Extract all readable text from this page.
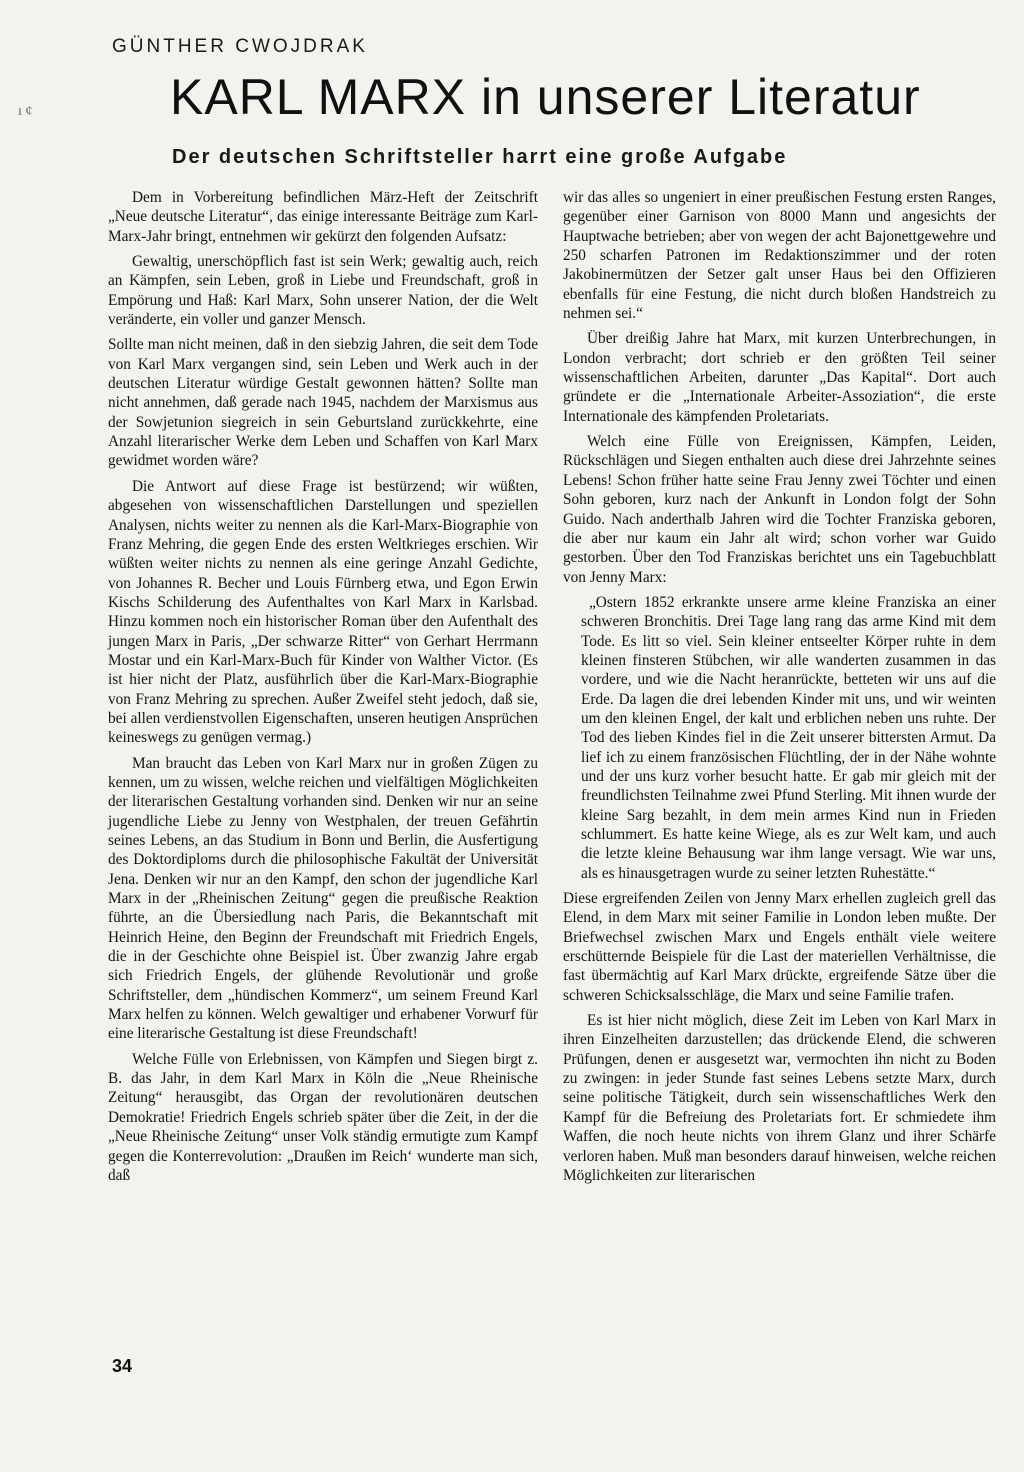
ı ¢
GÜNTHER CWOJDRAK
KARL MARX in unserer Literatur
Der deutschen Schriftsteller harrt eine große Aufgabe

Dem in Vorbereitung befindlichen März-Heft der Zeitschrift „Neue deutsche Literatur“, das einige interessante Beiträge zum Karl-Marx-Jahr bringt, entnehmen wir gekürzt den folgenden Aufsatz:

Gewaltig, unerschöpflich fast ist sein Werk; gewaltig auch, reich an Kämpfen, sein Leben, groß in Liebe und Freundschaft, groß in Empörung und Haß: Karl Marx, Sohn unserer Nation, der die Welt veränderte, ein voller und ganzer Mensch.

Sollte man nicht meinen, daß in den siebzig Jahren, die seit dem Tode von Karl Marx vergangen sind, sein Leben und Werk auch in der deutschen Literatur würdige Gestalt gewonnen hätten? Sollte man nicht annehmen, daß gerade nach 1945, nachdem der Marxismus aus der Sowjetunion siegreich in sein Geburtsland zurückkehrte, eine Anzahl literarischer Werke dem Leben und Schaffen von Karl Marx gewidmet worden wäre?

Die Antwort auf diese Frage ist bestürzend; wir wüßten, abgesehen von wissenschaftlichen Darstellungen und speziellen Analysen, nichts weiter zu nennen als die Karl-Marx-Biographie von Franz Mehring, die gegen Ende des ersten Weltkrieges erschien. Wir wüßten weiter nichts zu nennen als eine geringe Anzahl Gedichte, von Johannes R. Becher und Louis Fürnberg etwa, und Egon Erwin Kischs Schilderung des Aufenthaltes von Karl Marx in Karlsbad. Hinzu kommen noch ein historischer Roman über den Aufenthalt des jungen Marx in Paris, „Der schwarze Ritter“ von Gerhart Herrmann Mostar und ein Karl-Marx-Buch für Kinder von Walther Victor. (Es ist hier nicht der Platz, ausführlich über die Karl-Marx-Biographie von Franz Mehring zu sprechen. Außer Zweifel steht jedoch, daß sie, bei allen verdienstvollen Eigenschaften, unseren heutigen Ansprüchen keineswegs zu genügen vermag.)

Man braucht das Leben von Karl Marx nur in großen Zügen zu kennen, um zu wissen, welche reichen und vielfältigen Möglichkeiten der literarischen Gestaltung vorhanden sind. Denken wir nur an seine jugendliche Liebe zu Jenny von Westphalen, der treuen Gefährtin seines Lebens, an das Studium in Bonn und Berlin, die Ausfertigung des Doktordiploms durch die philosophische Fakultät der Universität Jena. Denken wir nur an den Kampf, den schon der jugendliche Karl Marx in der „Rheinischen Zeitung“ gegen die preußische Reaktion führte, an die Übersiedlung nach Paris, die Bekanntschaft mit Heinrich Heine, den Beginn der Freundschaft mit Friedrich Engels, die in der Geschichte ohne Beispiel ist. Über zwanzig Jahre ergab sich Friedrich Engels, der glühende Revolutionär und große Schriftsteller, dem „hündischen Kommerz“, um seinem Freund Karl Marx helfen zu können. Welch gewaltiger und erhabener Vorwurf für eine literarische Gestaltung ist diese Freundschaft!

Welche Fülle von Erlebnissen, von Kämpfen und Siegen birgt z. B. das Jahr, in dem Karl Marx in Köln die „Neue Rheinische Zeitung“ herausgibt, das Organ der revolutionären deutschen Demokratie! Friedrich Engels schrieb später über die Zeit, in der die „Neue Rheinische Zeitung“ unser Volk ständig ermutigte zum Kampf gegen die Konterrevolution: „Draußen im Reich‘ wunderte man sich, daß

wir das alles so ungeniert in einer preußischen Festung ersten Ranges, gegenüber einer Garnison von 8000 Mann und angesichts der Hauptwache betrieben; aber von wegen der acht Bajonettgewehre und 250 scharfen Patronen im Redaktionszimmer und der roten Jakobinermützen der Setzer galt unser Haus bei den Offizieren ebenfalls für eine Festung, die nicht durch bloßen Handstreich zu nehmen sei.“

Über dreißig Jahre hat Marx, mit kurzen Unterbrechungen, in London verbracht; dort schrieb er den größten Teil seiner wissenschaftlichen Arbeiten, darunter „Das Kapital“. Dort auch gründete er die „Internationale Arbeiter-Assoziation“, die erste Internationale des kämpfenden Proletariats.

Welch eine Fülle von Ereignissen, Kämpfen, Leiden, Rückschlägen und Siegen enthalten auch diese drei Jahrzehnte seines Lebens! Schon früher hatte seine Frau Jenny zwei Töchter und einen Sohn geboren, kurz nach der Ankunft in London folgt der Sohn Guido. Nach anderthalb Jahren wird die Tochter Franziska geboren, die aber nur kaum ein Jahr alt wird; schon vorher war Guido gestorben. Über den Tod Franziskas berichtet uns ein Tagebuchblatt von Jenny Marx:

„Ostern 1852 erkrankte unsere arme kleine Franziska an einer schweren Bronchitis. Drei Tage lang rang das arme Kind mit dem Tode. Es litt so viel. Sein kleiner entseelter Körper ruhte in dem kleinen finsteren Stübchen, wir alle wanderten zusammen in das vordere, und wie die Nacht heranrückte, betteten wir uns auf die Erde. Da lagen die drei lebenden Kinder mit uns, und wir weinten um den kleinen Engel, der kalt und erblichen neben uns ruhte. Der Tod des lieben Kindes fiel in die Zeit unserer bittersten Armut. Da lief ich zu einem französischen Flüchtling, der in der Nähe wohnte und der uns kurz vorher besucht hatte. Er gab mir gleich mit der freundlichsten Teilnahme zwei Pfund Sterling. Mit ihnen wurde der kleine Sarg bezahlt, in dem mein armes Kind nun in Frieden schlummert. Es hatte keine Wiege, als es zur Welt kam, und auch die letzte kleine Behausung war ihm lange versagt. Wie war uns, als es hinausgetragen wurde zu seiner letzten Ruhestätte.“

Diese ergreifenden Zeilen von Jenny Marx erhellen zugleich grell das Elend, in dem Marx mit seiner Familie in London leben mußte. Der Briefwechsel zwischen Marx und Engels enthält viele weitere erschütternde Beispiele für die Last der materiellen Verhältnisse, die fast übermächtig auf Karl Marx drückte, ergreifende Sätze über die schweren Schicksalsschläge, die Marx und seine Familie trafen.

Es ist hier nicht möglich, diese Zeit im Leben von Karl Marx in ihren Einzelheiten darzustellen; das drückende Elend, die schweren Prüfungen, denen er ausgesetzt war, vermochten ihn nicht zu Boden zu zwingen: in jeder Stunde fast seines Lebens setzte Marx, durch seine politische Tätigkeit, durch sein wissenschaftliches Werk den Kampf für die Befreiung des Proletariats fort. Er schmiedete ihm Waffen, die noch heute nichts von ihrem Glanz und ihrer Schärfe verloren haben. Muß man besonders darauf hinweisen, welche reichen Möglichkeiten zur literarischen

34
